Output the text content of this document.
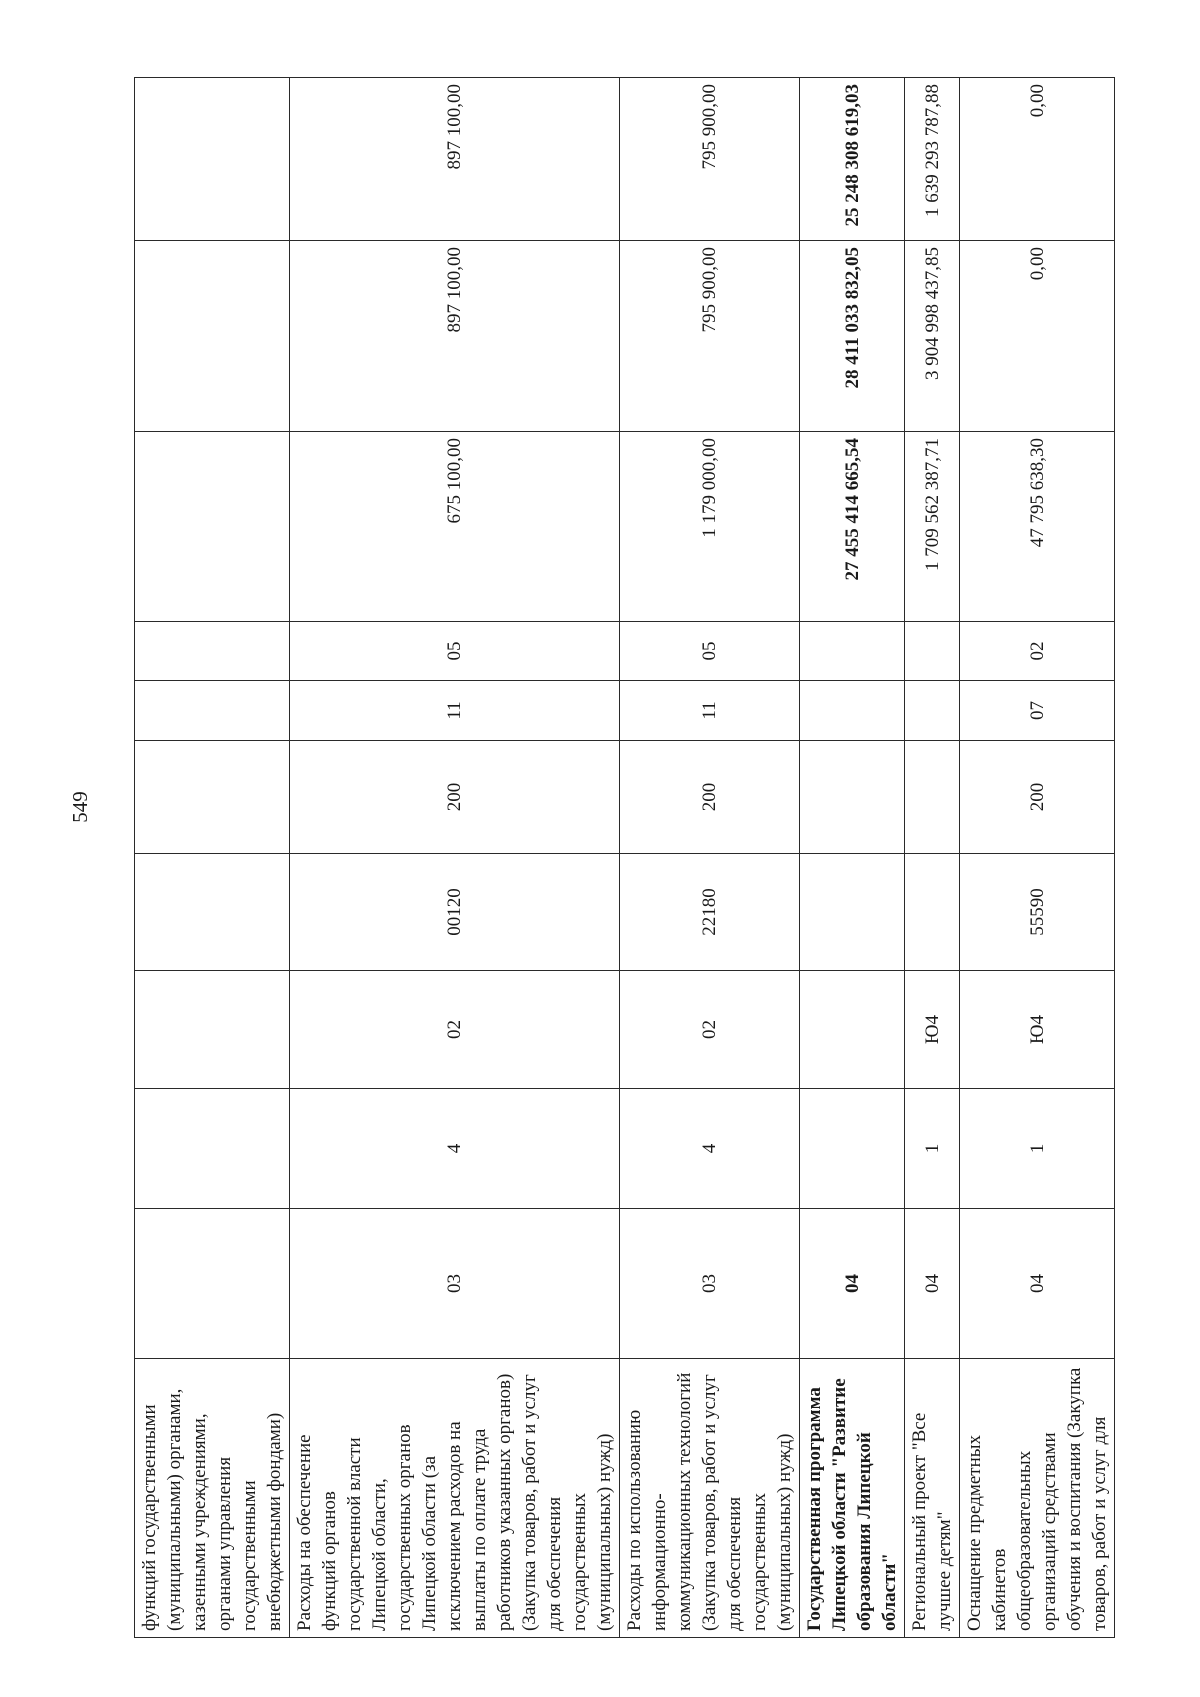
549
функций государственными (муниципальными) органами, казенными учреждениями, органами управления государственными внебюджетными фондами)										
Расходы на обеспечение функций органов государственной власти Липецкой области, государственных органов Липецкой области (за исключением расходов на выплаты по оплате труда работников указанных органов) (Закупка товаров, работ и услуг для обеспечения государственных (муниципальных) нужд)	03	4	02	00120	200	11	05	675 100,00	897 100,00	897 100,00
Расходы по использованию информационно-коммуникационных технологий (Закупка товаров, работ и услуг для обеспечения государственных (муниципальных) нужд)	03	4	02	22180	200	11	05	1 179 000,00	795 900,00	795 900,00
Государственная программа Липецкой области "Развитие образования Липецкой области"	04							27 455 414 665,54	28 411 033 832,05	25 248 308 619,03
Региональный проект "Все лучшее детям"	04	1	Ю4					1 709 562 387,71	3 904 998 437,85	1 639 293 787,88
Оснащение предметных кабинетов общеобразовательных организаций средствами обучения и воспитания (Закупка товаров, работ и услуг для	04	1	Ю4	55590	200	07	02	47 795 638,30	0,00	0,00
